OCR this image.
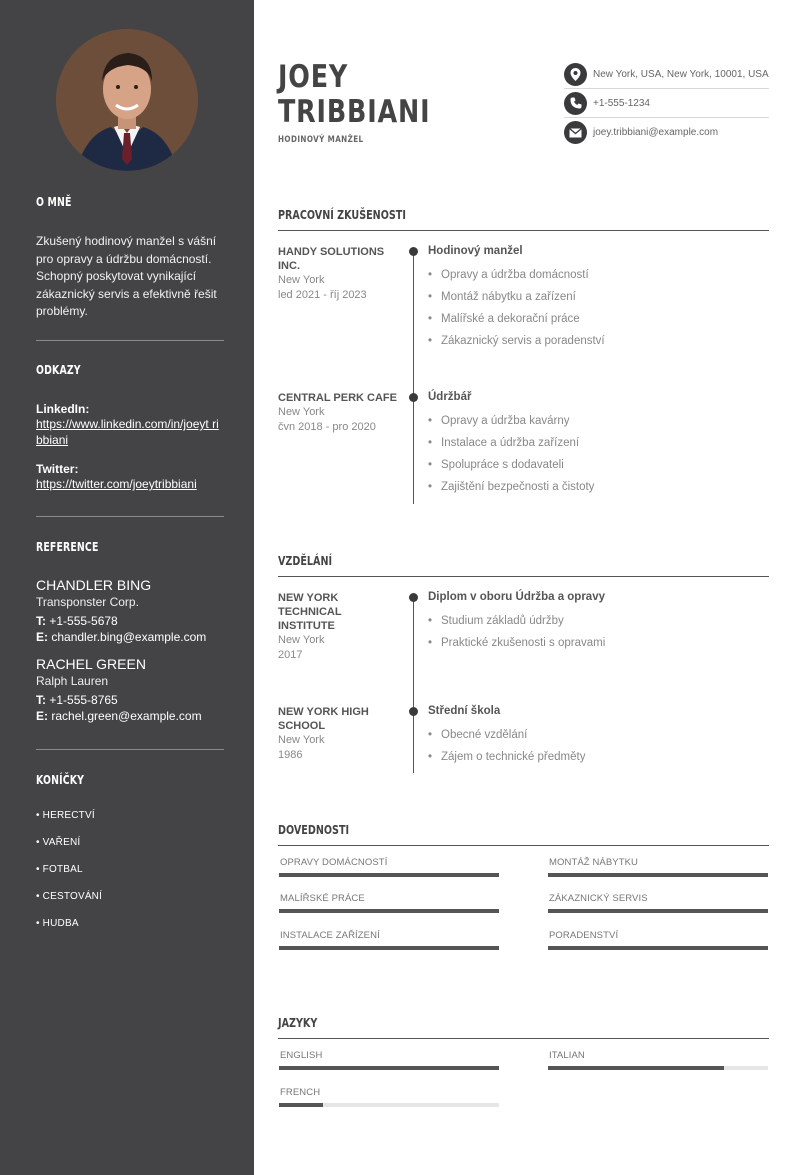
O MNĚ
Zkušený hodinový manžel s vášní pro opravy a údržbu domácností. Schopný poskytovat vynikající zákaznický servis a efektivně řešit problémy.
ODKAZY
LinkedIn:
https://www.linkedin.com/in/joeyt ribbiani
Twitter:
https://twitter.com/joeytribbiani
REFERENCE
CHANDLER BING
Transponster Corp.
T: +1-555-5678
E: chandler.bing@example.com
RACHEL GREEN
Ralph Lauren
T: +1-555-8765
E: rachel.green@example.com
KONÍČKY
• HERECTVÍ
• VAŘENÍ
• FOTBAL
• CESTOVÁNÍ
• HUDBA
JOEY
TRIBBIANI
HODINOVÝ MANŽEL
New York, USA, New York, 10001, USA
+1-555-1234
joey.tribbiani@example.com
PRACOVNÍ ZKUŠENOSTI
HANDY SOLUTIONS INC.
New York
led 2021 - říj 2023
Hodinový manžel
• Opravy a údržba domácností
• Montáž nábytku a zařízení
• Malířské a dekorační práce
• Zákaznický servis a poradenství
CENTRAL PERK CAFE
New York
čvn 2018 - pro 2020
Údržbář
• Opravy a údržba kavárny
• Instalace a údržba zařízení
• Spolupráce s dodavateli
• Zajištění bezpečnosti a čistoty
VZDĚLÁNÍ
NEW YORK TECHNICAL INSTITUTE
New York
2017
Diplom v oboru Údržba a opravy
• Studium základů údržby
• Praktické zkušenosti s opravami
NEW YORK HIGH SCHOOL
New York
1986
Střední škola
• Obecné vzdělání
• Zájem o technické předměty
DOVEDNOSTI
OPRAVY DOMÁCNOSTÍ	MONTÁŽ NÁBYTKU
MALÍŘSKÉ PRÁCE	ZÁKAZNICKÝ SERVIS
INSTALACE ZAŘÍZENÍ	PORADENSTVÍ
JAZYKY
ENGLISH	ITALIAN
FRENCH
